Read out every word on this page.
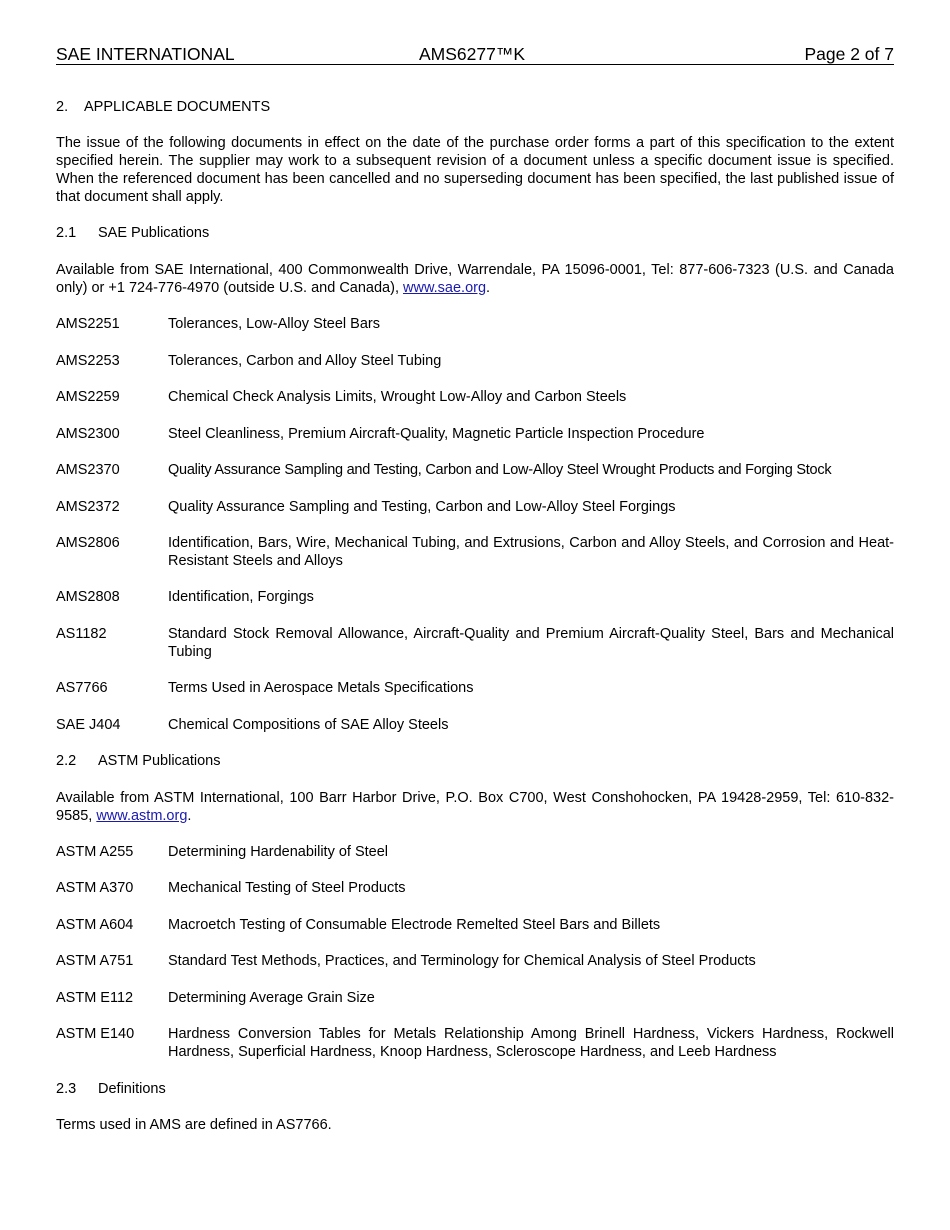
SAE INTERNATIONAL	AMS6277™K	Page 2 of 7
2. APPLICABLE DOCUMENTS
The issue of the following documents in effect on the date of the purchase order forms a part of this specification to the extent specified herein. The supplier may work to a subsequent revision of a document unless a specific document issue is specified. When the referenced document has been cancelled and no superseding document has been specified, the last published issue of that document shall apply.
2.1 SAE Publications
Available from SAE International, 400 Commonwealth Drive, Warrendale, PA 15096-0001, Tel: 877-606-7323 (U.S. and Canada only) or +1 724-776-4970 (outside U.S. and Canada), www.sae.org.
AMS2251	Tolerances, Low-Alloy Steel Bars
AMS2253	Tolerances, Carbon and Alloy Steel Tubing
AMS2259	Chemical Check Analysis Limits, Wrought Low-Alloy and Carbon Steels
AMS2300	Steel Cleanliness, Premium Aircraft-Quality, Magnetic Particle Inspection Procedure
AMS2370	Quality Assurance Sampling and Testing, Carbon and Low-Alloy Steel Wrought Products and Forging Stock
AMS2372	Quality Assurance Sampling and Testing, Carbon and Low-Alloy Steel Forgings
AMS2806	Identification, Bars, Wire, Mechanical Tubing, and Extrusions, Carbon and Alloy Steels, and Corrosion and Heat-Resistant Steels and Alloys
AMS2808	Identification, Forgings
AS1182	Standard Stock Removal Allowance, Aircraft-Quality and Premium Aircraft-Quality Steel, Bars and Mechanical Tubing
AS7766	Terms Used in Aerospace Metals Specifications
SAE J404	Chemical Compositions of SAE Alloy Steels
2.2 ASTM Publications
Available from ASTM International, 100 Barr Harbor Drive, P.O. Box C700, West Conshohocken, PA 19428-2959, Tel: 610-832-9585, www.astm.org.
ASTM A255	Determining Hardenability of Steel
ASTM A370	Mechanical Testing of Steel Products
ASTM A604	Macroetch Testing of Consumable Electrode Remelted Steel Bars and Billets
ASTM A751	Standard Test Methods, Practices, and Terminology for Chemical Analysis of Steel Products
ASTM E112	Determining Average Grain Size
ASTM E140	Hardness Conversion Tables for Metals Relationship Among Brinell Hardness, Vickers Hardness, Rockwell Hardness, Superficial Hardness, Knoop Hardness, Scleroscope Hardness, and Leeb Hardness
2.3 Definitions
Terms used in AMS are defined in AS7766.
